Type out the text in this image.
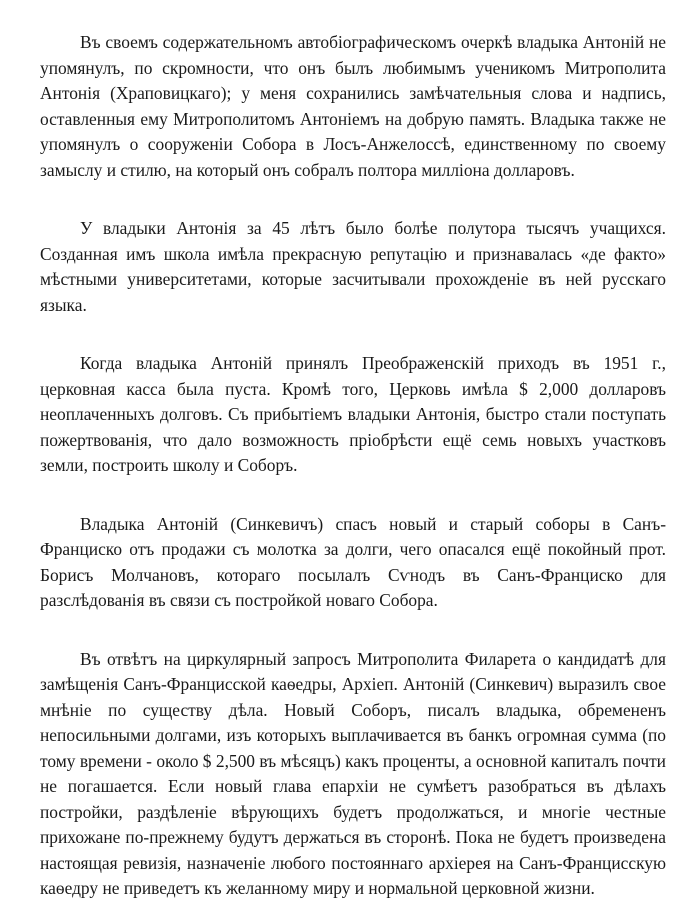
Въ своемъ содержательномъ автобіографическомъ очеркѣ владыка Антоній не упомянулъ, по скромности, что онъ былъ любимымъ ученикомъ Митрополита Антонія (Храповицкаго); у меня сохранились замѣчательныя слова и надпись, оставленныя ему Митрополитомъ Антоніемъ на добрую память. Владыка также не упомянулъ о сооруженіи Собора в Лосъ-Анжелоссѣ, единственному по своему замыслу и стилю, на который онъ собралъ полтора милліона долларовъ.

У владыки Антонія за 45 лѣтъ было болѣе полутора тысячъ учащихся. Созданная имъ школа имѣла прекрасную репутацію и признавалась «де факто» мѣстными университетами, которые засчитывали прохожденіе въ ней русскаго языка.

Когда владыка Антоній принялъ Преображенскій приходъ въ 1951 г., церковная касса была пуста. Кромѣ того, Церковь имѣла $ 2,000 долларовъ неоплаченныхъ долговъ. Съ прибытіемъ владыки Антонія, быстро стали поступать пожертвованія, что дало возможность пріобрѣсти ещё семь новыхъ участковъ земли, построить школу и Соборъ.

Владыка Антоній (Синкевичъ) спасъ новый и старый соборы в Санъ-Франциско отъ продажи съ молотка за долги, чего опасался ещё покойный прот. Борисъ Молчановъ, котораго посылалъ Сѵнодъ въ Санъ-Франциско для разслѣдованія въ связи съ постройкой новаго Собора.

Въ отвѣтъ на циркулярный запросъ Митрополита Филарета о кандидатѣ для замѣщенія Санъ-Францисской каѳедры, Архіеп. Антоній (Синкевич) выразилъ свое мнѣніе по существу дѣла. Новый Соборъ, писалъ владыка, обремененъ непосильными долгами, изъ которыхъ выплачивается въ банкъ огромная сумма (по тому времени - около $ 2,500 въ мѣсяцъ) какъ проценты, а основной капиталъ почти не погашается. Если новый глава епархіи не сумѣетъ разобраться въ дѣлахъ постройки, раздѣленіе вѣрующихъ будетъ продолжаться, и многіе честные прихожане по-прежнему будутъ держаться въ сторонѣ. Пока не будетъ произведена настоящая ревизія, назначеніе любого постояннаго архіерея на Санъ-Францисскую каѳедру не приведетъ къ желанному миру и нормальной церковной жизни.
